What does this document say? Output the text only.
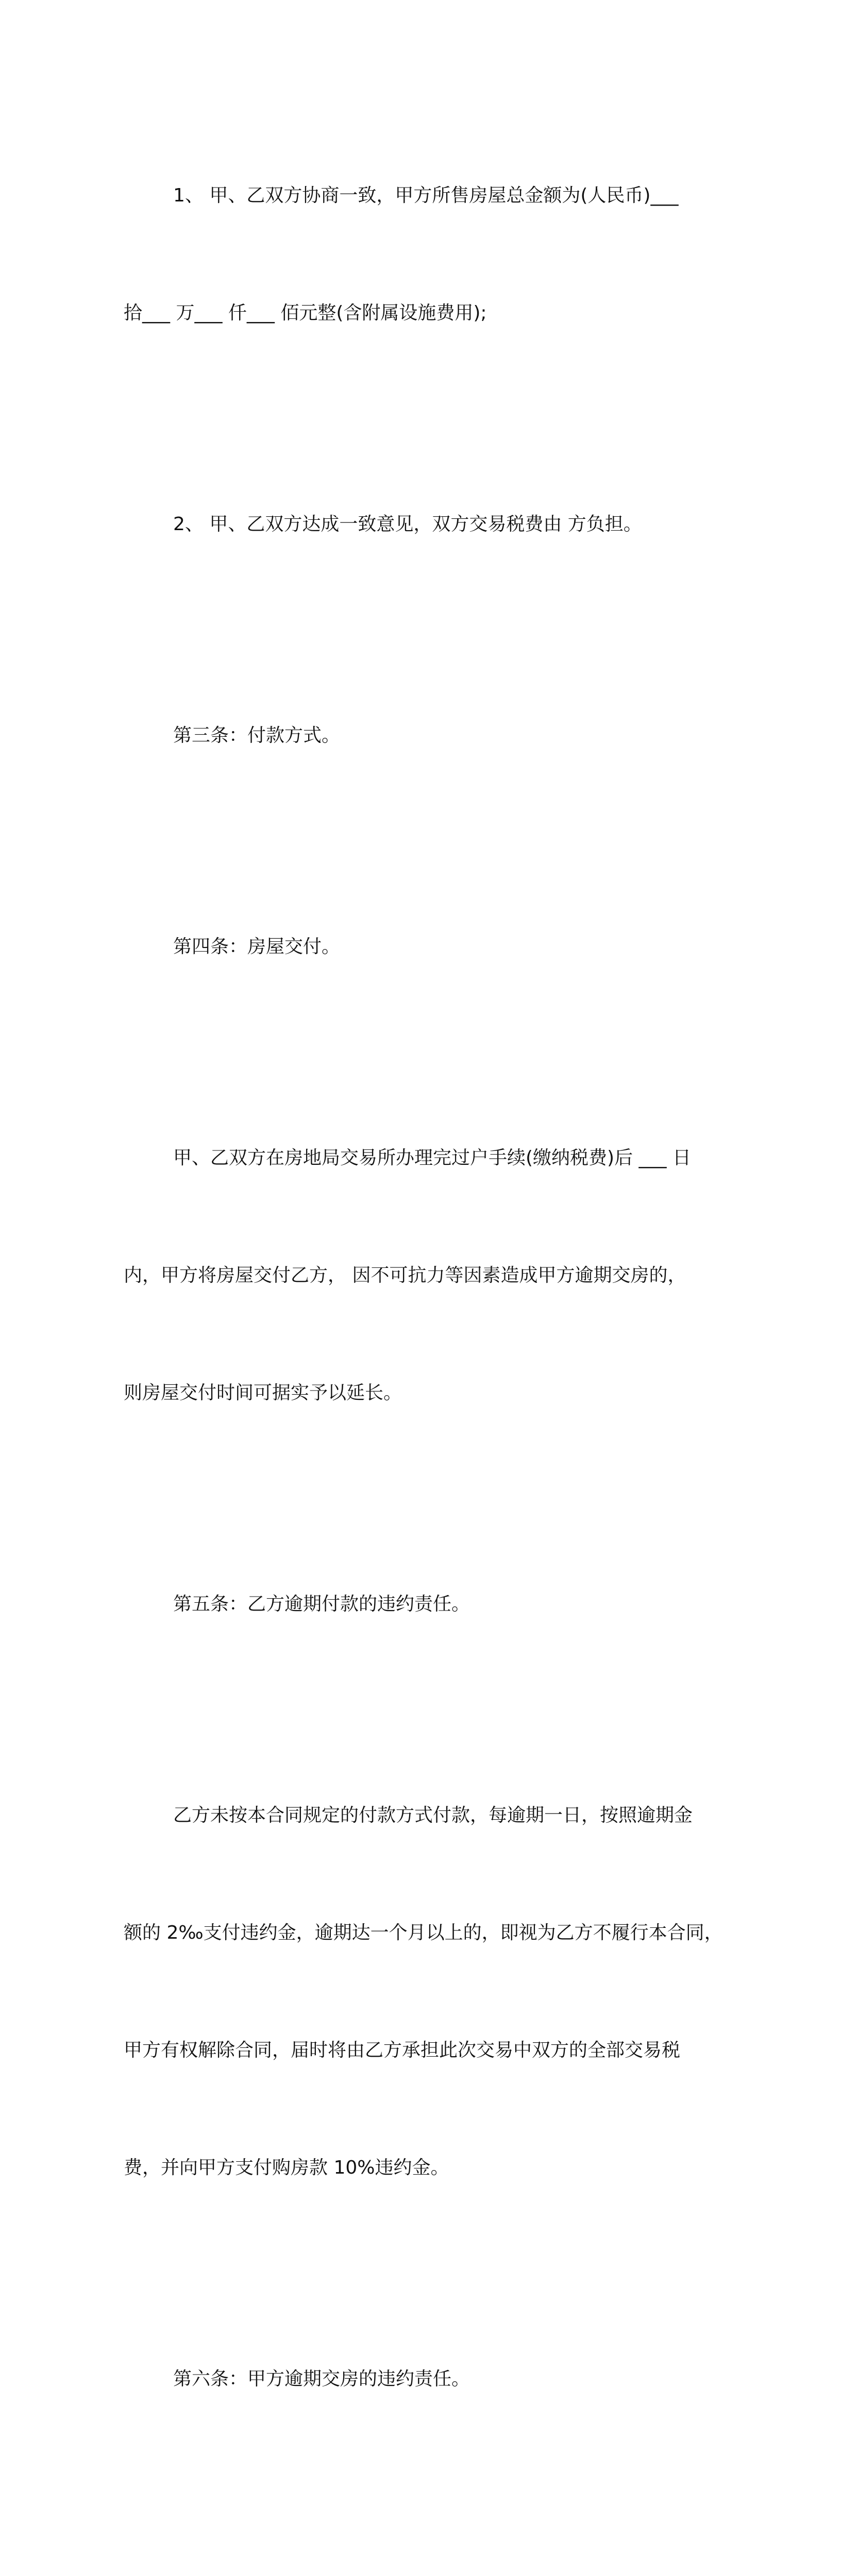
1、 甲、乙双方协商一致，甲方所售房屋总金额为(人民币)___

拾___ 万___ 仟___ 佰元整(含附属设施费用);

2、 甲、乙双方达成一致意见，双方交易税费由 方负担。

第三条：付款方式。

第四条：房屋交付。

甲、乙双方在房地局交易所办理完过户手续(缴纳税费)后 ___ 日

内，甲方将房屋交付乙方， 因不可抗力等因素造成甲方逾期交房的，

则房屋交付时间可据实予以延长。

第五条：乙方逾期付款的违约责任。

乙方未按本合同规定的付款方式付款，每逾期一日，按照逾期金

额的 2‰支付违约金，逾期达一个月以上的，即视为乙方不履行本合同，

甲方有权解除合同，届时将由乙方承担此次交易中双方的全部交易税

费，并向甲方支付购房款 10%违约金。

第六条：甲方逾期交房的违约责任。
